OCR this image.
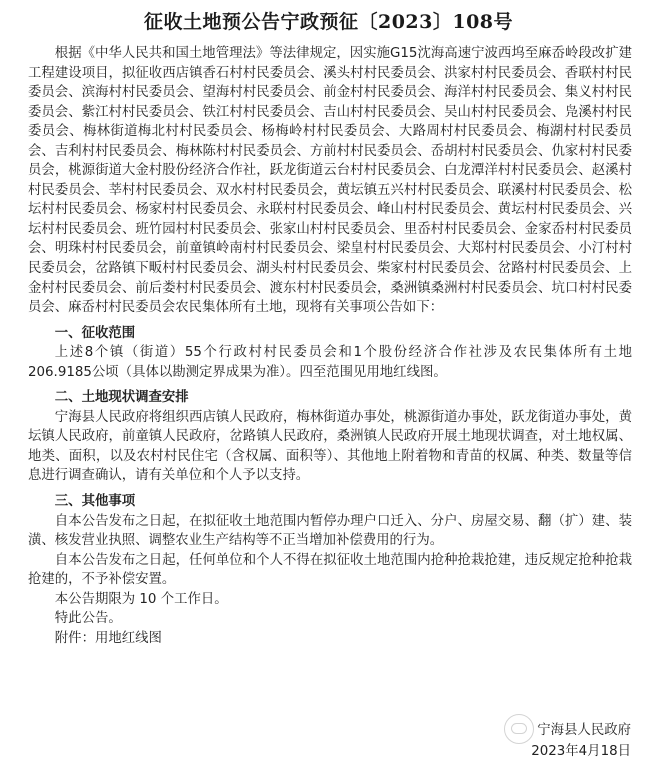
征收土地预公告宁政预征〔2023〕108号

根据《中华人民共和国土地管理法》等法律规定，因实施G15沈海高速宁波西坞至麻岙岭段改扩建工程建设项目，拟征收西店镇香石村村民委员会、溪头村村民委员会、洪家村村民委员会、香联村村民委员会、滨海村村民委员会、望海村村民委员会、前金村村民委员会、海洋村村民委员会、集义村村民委员会、紫江村村民委员会、铁江村村民委员会、吉山村村民委员会、吴山村村民委员会、凫溪村村民委员会、梅林街道梅北村村民委员会、杨梅岭村村民委员会、大路周村村民委员会、梅湖村村民委员会、吉利村村民委员会、梅林陈村村民委员会、方前村村民委员会、岙胡村村民委员会、仇家村村民委员会，桃源街道大金村股份经济合作社，跃龙街道云台村村民委员会、白龙潭洋村村民委员会、赵溪村村民委员会、莘村村民委员会、双水村村民委员会，黄坛镇五兴村村民委员会、联溪村村民委员会、松坛村村民委员会、杨家村村民委员会、永联村村民委员会、峰山村村民委员会、黄坛村村民委员会、兴坛村村民委员会、班竹园村村民委员会、张家山村村民委员会、里岙村村民委员会、金家岙村村民委员会、明珠村村民委员会，前童镇岭南村村民委员会、梁皇村村民委员会、大郑村村民委员会、小汀村村民委员会，岔路镇下畈村村民委员会、湖头村村民委员会、柴家村村民委员会、岔路村村民委员会、上金村村民委员会、前后娄村村民委员会、渡东村村民委员会，桑洲镇桑洲村村民委员会、坑口村村民委员会、麻岙村村民委员会农民集体所有土地，现将有关事项公告如下：

一、征收范围

上述8个镇（街道）55个行政村村民委员会和1个股份经济合作社涉及农民集体所有土地206.9185公顷（具体以勘测定界成果为准）。四至范围见用地红线图。

二、土地现状调查安排

宁海县人民政府将组织西店镇人民政府，梅林街道办事处，桃源街道办事处，跃龙街道办事处，黄坛镇人民政府，前童镇人民政府，岔路镇人民政府，桑洲镇人民政府开展土地现状调查，对土地权属、地类、面积，以及农村村民住宅（含权属、面积等）、其他地上附着物和青苗的权属、种类、数量等信息进行调查确认，请有关单位和个人予以支持。

三、其他事项

自本公告发布之日起，在拟征收土地范围内暂停办理户口迁入、分户、房屋交易、翻（扩）建、装潢、核发营业执照、调整农业生产结构等不正当增加补偿费用的行为。

自本公告发布之日起，任何单位和个人不得在拟征收土地范围内抢种抢栽抢建，违反规定抢种抢栽抢建的，不予补偿安置。

本公告期限为 10 个工作日。

特此公告。

附件：用地红线图

宁海县人民政府
2023年4月18日
